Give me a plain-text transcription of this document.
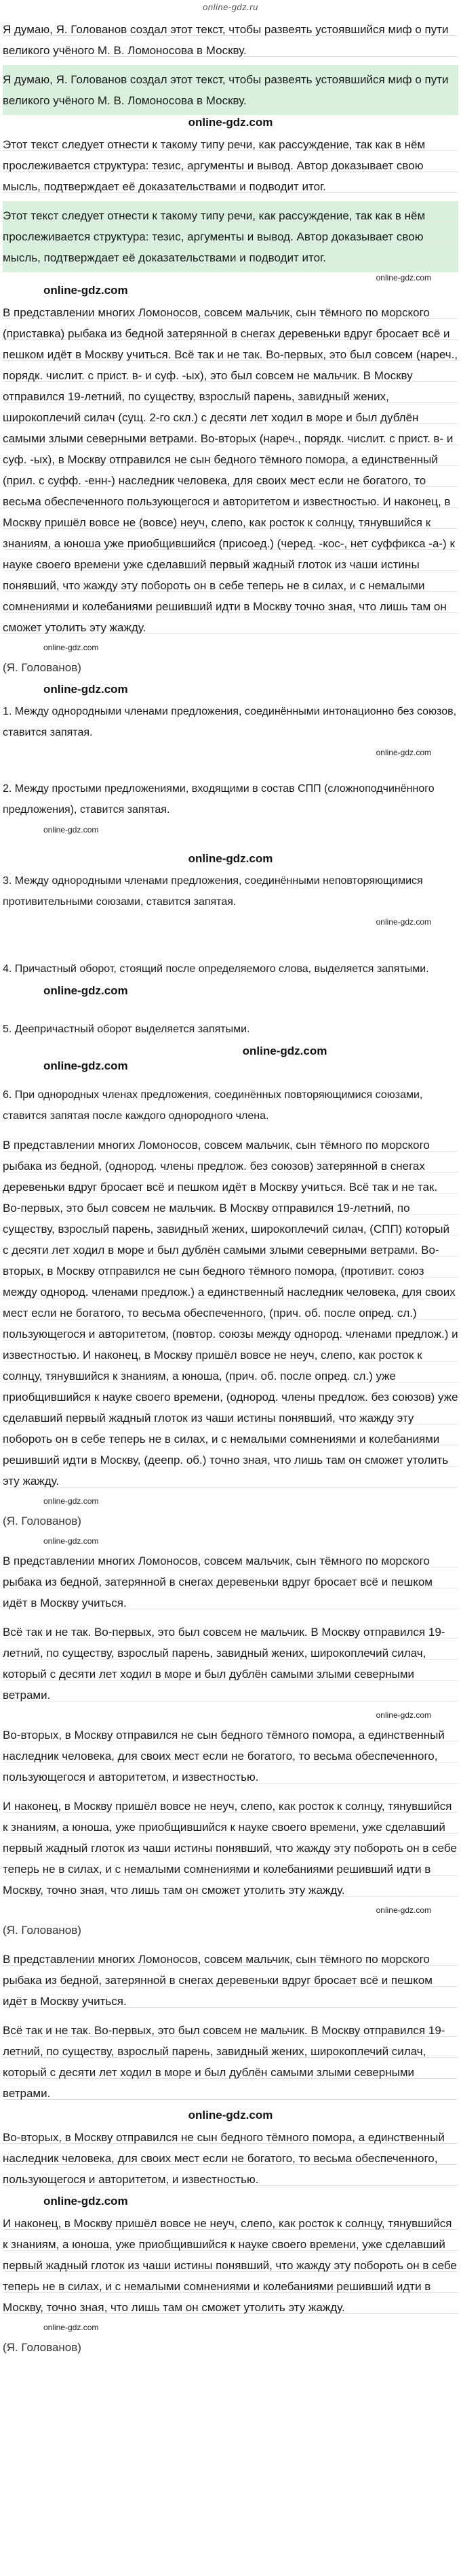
online-gdz.ru
Я думаю, Я. Голованов создал этот текст, чтобы развеять устоявшийся миф о пути великого учёного М. В. Ломоносова в Москву.
Я думаю, Я. Голованов создал этот текст, чтобы развеять устоявшийся миф о пути великого учёного М. В. Ломоносова в Москву.
online-gdz.com
Этот текст следует отнести к такому типу речи, как рассуждение, так как в нём прослеживается структура: тезис, аргументы и вывод. Автор доказывает свою мысль, подтверждает её доказательствами и подводит итог.
Этот текст следует отнести к такому типу речи, как рассуждение, так как в нём прослеживается структура: тезис, аргументы и вывод. Автор доказывает свою мысль, подтверждает её доказательствами и подводит итог.
online-gdz.com
online-gdz.com
В представлении многих Ломоносов, совсем мальчик, сын тёмного по морского (приставка) рыбака из бедной затерянной в снегах деревеньки вдруг бросает всё и пешком идёт в Москву учиться. Всё так и не так. Во-первых, это был совсем (нареч., порядк. числит. с прист. в- и суф. -ых), это был совсем не мальчик. В Москву отправился 19-летний, по существу, взрослый парень, завидный жених, широкоплечий силач (сущ. 2-го скл.) с десяти лет ходил в море и был дублён самыми злыми северными ветрами. Во-вторых (нареч., порядк. числит. с прист. в- и суф. -ых), в Москву отправился не сын бедного тёмного помора, а единственный (прил. с суфф. -енн-) наследник человека, для своих мест если не богатого, то весьма обеспеченного пользующегося и авторитетом и известностью. И наконец, в Москву пришёл вовсе не (вовсе) неуч, слепо, как росток к солнцу, тянувшийся к знаниям, а юноша уже приобщившийся (присоед.) (черед. -кос-, нет суффикса -а-) к науке своего времени уже сделавший первый жадный глоток из чаши истины понявший, что жажду эту побороть он в себе теперь не в силах, и с немалыми сомнениями и колебаниями решивший идти в Москву точно зная, что лишь там он сможет утолить эту жажду.
online-gdz.com
(Я. Голованов)
online-gdz.com
1. Между однородными членами предложения, соединёнными интонационно без союзов, ставится запятая.
online-gdz.com
2. Между простыми предложениями, входящими в состав СПП (сложноподчинённого предложения), ставится запятая.
online-gdz.com
online-gdz.com
3. Между однородными членами предложения, соединёнными неповторяющимися противительными союзами, ставится запятая.
online-gdz.com
4. Причастный оборот, стоящий после определяемого слова, выделяется запятыми.
online-gdz.com
5. Деепричастный оборот выделяется запятыми.
online-gdz.com
online-gdz.com
6. При однородных членах предложения, соединённых повторяющимися союзами, ставится запятая после каждого однородного члена.
В представлении многих Ломоносов, совсем мальчик, сын тёмного по морского рыбака из бедной, (однород. члены предлож. без союзов) затерянной в снегах деревеньки вдруг бросает всё и пешком идёт в Москву учиться. Всё так и не так. Во-первых, это был совсем не мальчик. В Москву отправился 19-летний, по существу, взрослый парень, завидный жених, широкоплечий силач, (СПП) который с десяти лет ходил в море и был дублён самыми злыми северными ветрами. Во-вторых, в Москву отправился не сын бедного тёмного помора, (противит. союз между однород. членами предлож.) а единственный наследник человека, для своих мест если не богатого, то весьма обеспеченного, (прич. об. после опред. сл.) пользующегося и авторитетом, (повтор. союзы между однород. членами предлож.) и известностью. И наконец, в Москву пришёл вовсе не неуч, слепо, как росток к солнцу, тянувшийся к знаниям, а юноша, (прич. об. после опред. сл.) уже приобщившийся к науке своего времени, (однород. члены предлож. без союзов) уже сделавший первый жадный глоток из чаши истины понявший, что жажду эту побороть он в себе теперь не в силах, и с немалыми сомнениями и колебаниями решивший идти в Москву, (деепр. об.) точно зная, что лишь там он сможет утолить эту жажду.
online-gdz.com
(Я. Голованов)
online-gdz.com
В представлении многих Ломоносов, совсем мальчик, сын тёмного по морского рыбака из бедной, затерянной в снегах деревеньки вдруг бросает всё и пешком идёт в Москву учиться.
Всё так и не так. Во-первых, это был совсем не мальчик. В Москву отправился 19-летний, по существу, взрослый парень, завидный жених, широкоплечий силач, который с десяти лет ходил в море и был дублён самыми злыми северными ветрами.
online-gdz.com
Во-вторых, в Москву отправился не сын бедного тёмного помора, а единственный наследник человека, для своих мест если не богатого, то весьма обеспеченного, пользующегося и авторитетом, и известностью.
И наконец, в Москву пришёл вовсе не неуч, слепо, как росток к солнцу, тянувшийся к знаниям, а юноша, уже приобщившийся к науке своего времени, уже сделавший первый жадный глоток из чаши истины понявший, что жажду эту побороть он в себе теперь не в силах, и с немалыми сомнениями и колебаниями решивший идти в Москву, точно зная, что лишь там он сможет утолить эту жажду.
online-gdz.com
(Я. Голованов)
В представлении многих Ломоносов, совсем мальчик, сын тёмного по морского рыбака из бедной, затерянной в снегах деревеньки вдруг бросает всё и пешком идёт в Москву учиться.
Всё так и не так. Во-первых, это был совсем не мальчик. В Москву отправился 19-летний, по существу, взрослый парень, завидный жених, широкоплечий силач, который с десяти лет ходил в море и был дублён самыми злыми северными ветрами.
online-gdz.com
Во-вторых, в Москву отправился не сын бедного тёмного помора, а единственный наследник человека, для своих мест если не богатого, то весьма обеспеченного, пользующегося и авторитетом, и известностью.
online-gdz.com
И наконец, в Москву пришёл вовсе не неуч, слепо, как росток к солнцу, тянувшийся к знаниям, а юноша, уже приобщившийся к науке своего времени, уже сделавший первый жадный глоток из чаши истины понявший, что жажду эту побороть он в себе теперь не в силах, и с немалыми сомнениями и колебаниями решивший идти в Москву, точно зная, что лишь там он сможет утолить эту жажду.
online-gdz.com
(Я. Голованов)
